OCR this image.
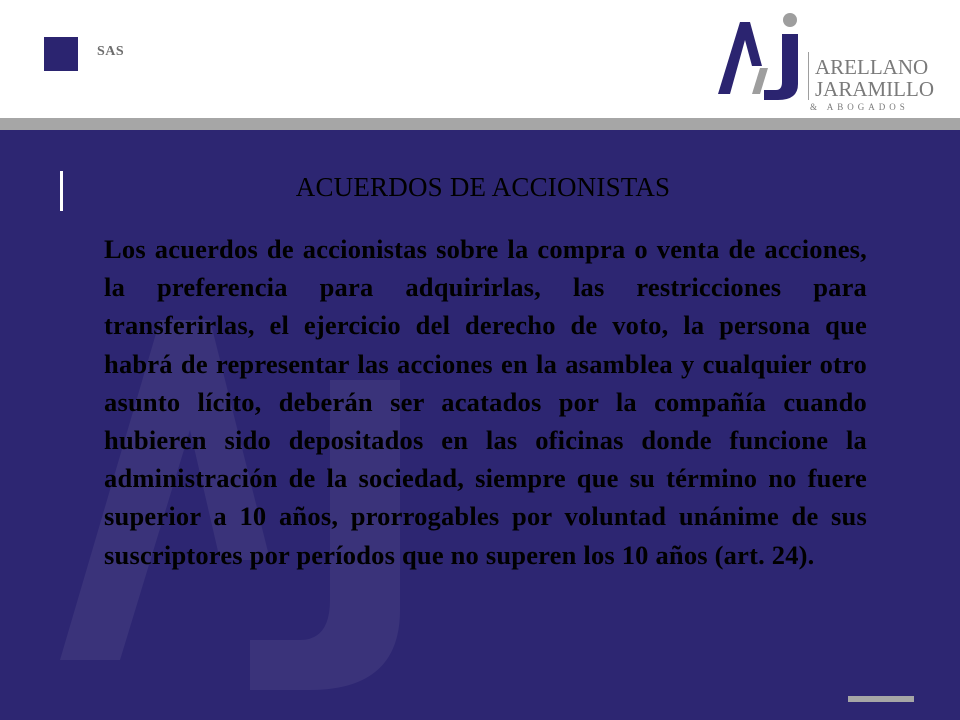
SAS
ARELLANO
JARAMILLO
& ABOGADOS
ACUERDOS DE ACCIONISTAS
Los acuerdos de accionistas sobre la compra o venta de acciones, la preferencia para adquirirlas, las restricciones para transferirlas, el ejercicio del derecho de voto, la persona que habrá de representar las acciones en la asamblea y cualquier otro asunto lícito, deberán ser acatados por la compañía cuando hubieren sido depositados en las oficinas donde funcione la administración de la sociedad, siempre que su término no fuere superior a 10 años, prorrogables por voluntad unánime de sus suscriptores por períodos que no superen los 10 años (art. 24).
